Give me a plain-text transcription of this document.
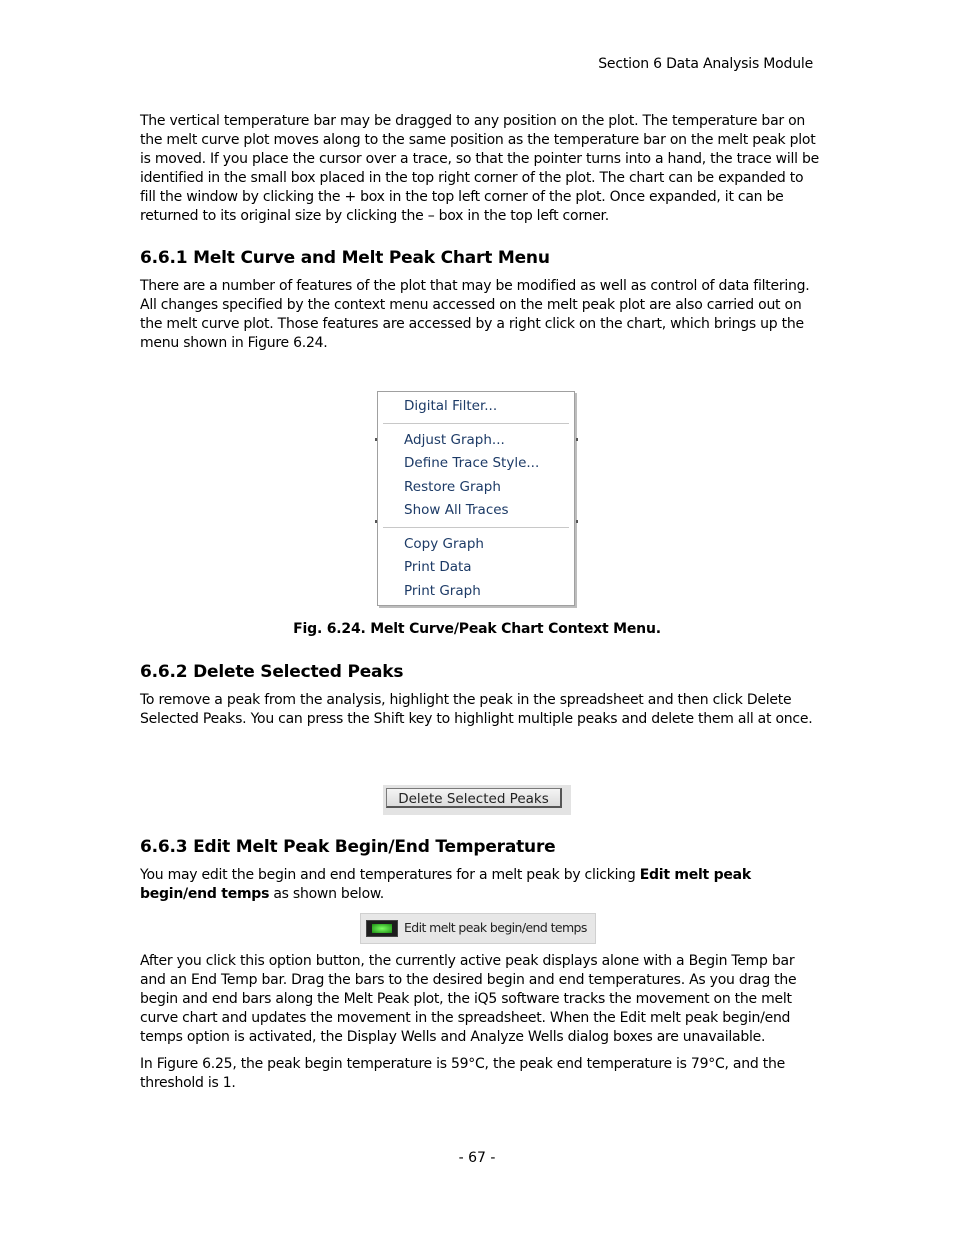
Section 6 Data Analysis Module

The vertical temperature bar may be dragged to any position on the plot. The temperature bar on the melt curve plot moves along to the same position as the temperature bar on the melt peak plot is moved. If you place the cursor over a trace, so that the pointer turns into a hand, the trace will be identified in the small box placed in the top right corner of the plot. The chart can be expanded to fill the window by clicking the + box in the top left corner of the plot. Once expanded, it can be returned to its original size by clicking the – box in the top left corner.

6.6.1 Melt Curve and Melt Peak Chart Menu

There are a number of features of the plot that may be modified as well as control of data filtering. All changes specified by the context menu accessed on the melt peak plot are also carried out on the melt curve plot. Those features are accessed by a right click on the chart, which brings up the menu shown in Figure 6.24.

Digital Filter...
Adjust Graph...
Define Trace Style...
Restore Graph
Show All Traces
Copy Graph
Print Data
Print Graph
Fig. 6.24. Melt Curve/Peak Chart Context Menu.
6.6.2 Delete Selected Peaks

To remove a peak from the analysis, highlight the peak in the spreadsheet and then click Delete Selected Peaks. You can press the Shift key to highlight multiple peaks and delete them all at once.

Delete Selected Peaks
6.6.3 Edit Melt Peak Begin/End Temperature

You may edit the begin and end temperatures for a melt peak by clicking Edit melt peak begin/end temps as shown below.

Edit melt peak begin/end temps

After you click this option button, the currently active peak displays alone with a Begin Temp bar and an End Temp bar. Drag the bars to the desired begin and end temperatures. As you drag the begin and end bars along the Melt Peak plot, the iQ5 software tracks the movement on the melt curve chart and updates the movement in the spreadsheet. When the Edit melt peak begin/end temps option is activated, the Display Wells and Analyze Wells dialog boxes are unavailable.

In Figure 6.25, the peak begin temperature is 59°C, the peak end temperature is 79°C, and the threshold is 1.

- 67 -
